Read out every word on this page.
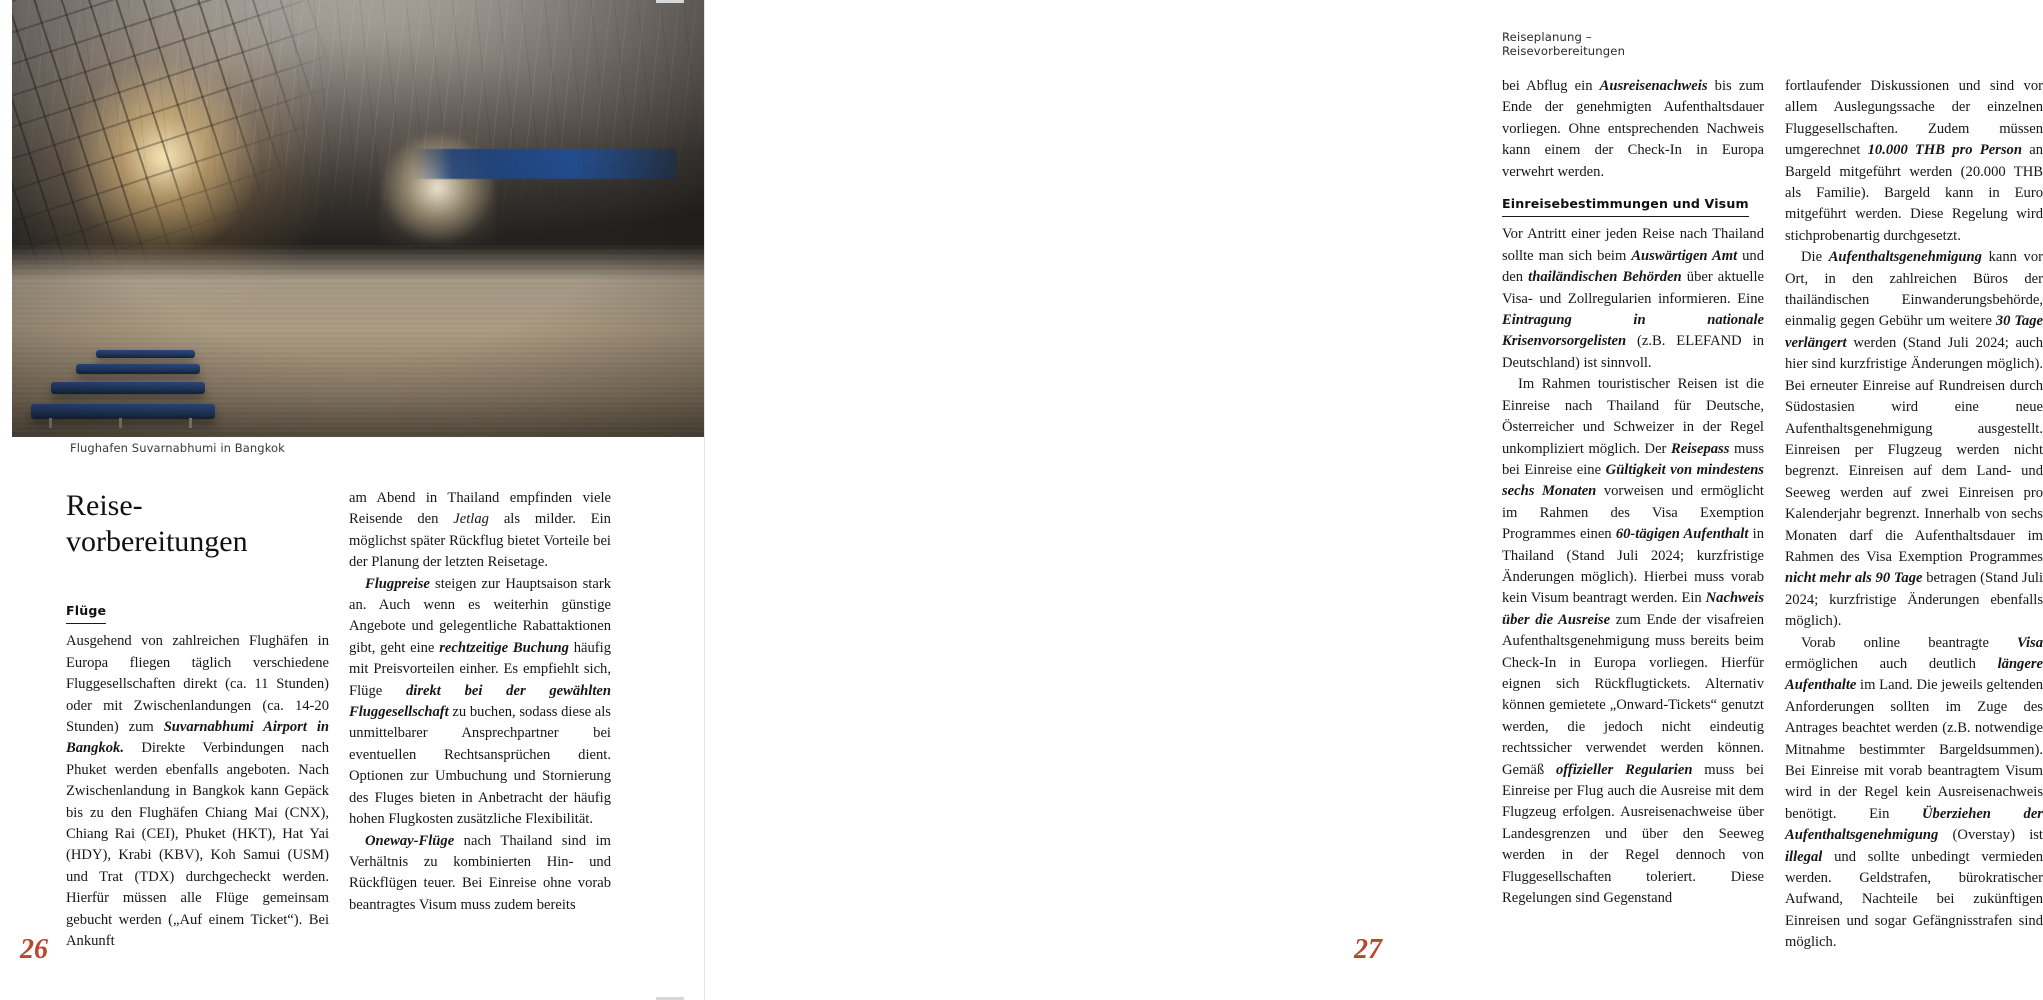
Flughafen Suvarnabhumi in Bangkok
Reise-
vorbereitungen
Flüge

Ausgehend von zahlreichen Flughäfen in Europa fliegen täglich verschiedene Fluggesellschaften direkt (ca. 11 Stunden) oder mit Zwischenlandungen (ca. 14-20 Stunden) zum Suvarnabhumi Airport in Bangkok. Direkte Verbindungen nach Phuket werden ebenfalls angeboten. Nach Zwischenlandung in Bangkok kann Gepäck bis zu den Flughäfen Chiang Mai (CNX), Chiang Rai (CEI), Phuket (HKT), Hat Yai (HDY), Krabi (KBV), Koh Samui (USM) und Trat (TDX) durchgecheckt werden. Hierfür müssen alle Flüge gemeinsam gebucht werden („Auf einem Ticket“). Bei Ankunft

am Abend in Thailand empfinden viele Reisende den Jetlag als milder. Ein möglichst später Rückflug bietet Vorteile bei der Planung der letzten Reisetage.

Flugpreise steigen zur Hauptsaison stark an. Auch wenn es weiterhin günstige Angebote und gelegentliche Rabattaktionen gibt, geht eine rechtzeitige Buchung häufig mit Preisvorteilen einher. Es empfiehlt sich, Flüge direkt bei der gewählten Fluggesellschaft zu buchen, sodass diese als unmittelbarer Ansprechpartner bei eventuellen Rechtsansprüchen dient. Optionen zur Umbuchung und Stornierung des Fluges bieten in Anbetracht der häufig hohen Flugkosten zusätzliche Flexibilität.

Oneway-Flüge nach Thailand sind im Verhältnis zu kombinierten Hin- und Rückflügen teuer. Bei Einreise ohne vorab beantragtes Visum muss zudem bereits

26
Reiseplanung – Reisevorbereitungen

bei Abflug ein Ausreisenachweis bis zum Ende der genehmigten Aufenthaltsdauer vorliegen. Ohne entsprechenden Nachweis kann einem der Check-In in Europa verwehrt werden.

Einreisebestimmungen und Visum

Vor Antritt einer jeden Reise nach Thailand sollte man sich beim Auswärtigen Amt und den thailändischen Behörden über aktuelle Visa- und Zollregularien informieren. Eine Eintragung in nationale Krisenvorsorgelisten (z.B. ELEFAND in Deutschland) ist sinnvoll.

Im Rahmen touristischer Reisen ist die Einreise nach Thailand für Deutsche, Österreicher und Schweizer in der Regel unkompliziert möglich. Der Reisepass muss bei Einreise eine Gültigkeit von mindestens sechs Monaten vorweisen und ermöglicht im Rahmen des Visa Exemption Programmes einen 60-tägigen Aufenthalt in Thailand (Stand Juli 2024; kurzfristige Änderungen möglich). Hierbei muss vorab kein Visum beantragt werden. Ein Nachweis über die Ausreise zum Ende der visafreien Aufenthaltsgenehmigung muss bereits beim Check-In in Europa vorliegen. Hierfür eignen sich Rückflugtickets. Alternativ können gemietete „Onward-Tickets“ genutzt werden, die jedoch nicht eindeutig rechtssicher verwendet werden können. Gemäß offizieller Regularien muss bei Einreise per Flug auch die Ausreise mit dem Flugzeug erfolgen. Ausreisenachweise über Landesgrenzen und über den Seeweg werden in der Regel dennoch von Fluggesellschaften toleriert. Diese Regelungen sind Gegenstand

fortlaufender Diskussionen und sind vor allem Auslegungssache der einzelnen Fluggesellschaften. Zudem müssen umgerechnet 10.000 THB pro Person an Bargeld mitgeführt werden (20.000 THB als Familie). Bargeld kann in Euro mitgeführt werden. Diese Regelung wird stichprobenartig durchgesetzt.

Die Aufenthaltsgenehmigung kann vor Ort, in den zahlreichen Büros der thailändischen Einwanderungsbehörde, einmalig gegen Gebühr um weitere 30 Tage verlängert werden (Stand Juli 2024; auch hier sind kurzfristige Änderungen möglich). Bei erneuter Einreise auf Rundreisen durch Südostasien wird eine neue Aufenthaltsgenehmigung ausgestellt. Einreisen per Flugzeug werden nicht begrenzt. Einreisen auf dem Land- und Seeweg werden auf zwei Einreisen pro Kalenderjahr begrenzt. Innerhalb von sechs Monaten darf die Aufenthaltsdauer im Rahmen des Visa Exemption Programmes nicht mehr als 90 Tage betragen (Stand Juli 2024; kurzfristige Änderungen ebenfalls möglich).

Vorab online beantragte Visa ermöglichen auch deutlich längere Aufenthalte im Land. Die jeweils geltenden Anforderungen sollten im Zuge des Antrages beachtet werden (z.B. notwendige Mitnahme bestimmter Bargeldsummen). Bei Einreise mit vorab beantragtem Visum wird in der Regel kein Ausreisenachweis benötigt. Ein Überziehen der Aufenthaltsgenehmigung (Overstay) ist illegal und sollte unbedingt vermieden werden. Geldstrafen, bürokratischer Aufwand, Nachteile bei zukünftigen Einreisen und sogar Gefängnisstrafen sind möglich.

27
